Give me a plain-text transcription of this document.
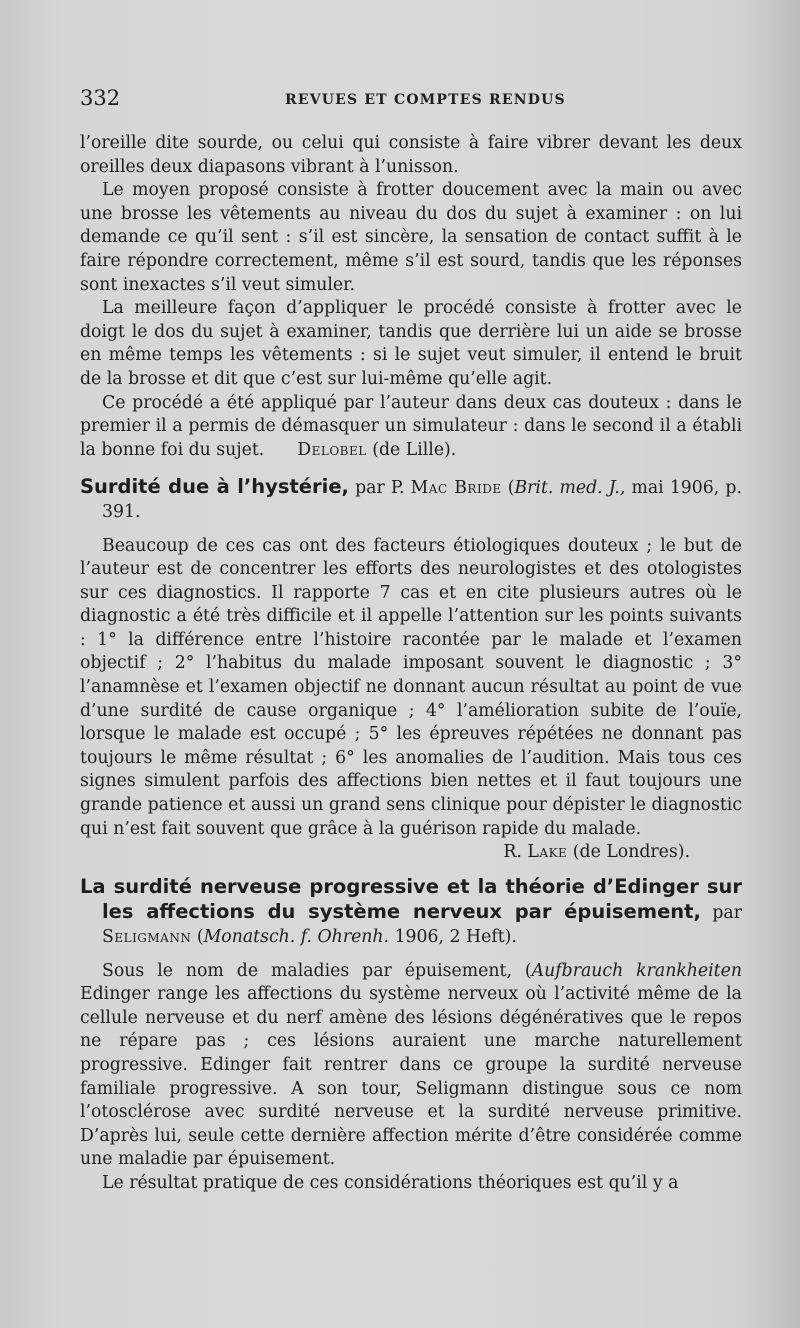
332	REVUES ET COMPTES RENDUS

l’oreille dite sourde, ou celui qui consiste à faire vibrer devant les deux oreilles deux diapasons vibrant à l’unisson.

Le moyen proposé consiste à frotter doucement avec la main ou avec une brosse les vêtements au niveau du dos du sujet à examiner : on lui demande ce qu’il sent : s’il est sincère, la sensation de contact suffit à le faire répondre correctement, même s’il est sourd, tandis que les réponses sont inexactes s’il veut simuler.

La meilleure façon d’appliquer le procédé consiste à frotter avec le doigt le dos du sujet à examiner, tandis que derrière lui un aide se brosse en même temps les vêtements : si le sujet veut simuler, il entend le bruit de la brosse et dit que c’est sur lui-même qu’elle agit.

Ce procédé a été appliqué par l’auteur dans deux cas douteux : dans le premier il a permis de démasquer un simulateur : dans le second il a établi la bonne foi du sujet. Delobel (de Lille).

Surdité due à l’hystérie, par P. Mac Bride (Brit. med. J., mai 1906, p. 391.

Beaucoup de ces cas ont des facteurs étiologiques douteux ; le but de l’auteur est de concentrer les efforts des neurologistes et des otologistes sur ces diagnostics. Il rapporte 7 cas et en cite plusieurs autres où le diagnostic a été très difficile et il appelle l’attention sur les points suivants : 1° la différence entre l’histoire racontée par le malade et l’examen objectif ; 2° l’habitus du malade imposant souvent le diagnostic ; 3° l’anamnèse et l’examen objectif ne donnant aucun résultat au point de vue d’une surdité de cause organique ; 4° l’amélioration subite de l’ouïe, lorsque le malade est occupé ; 5° les épreuves répétées ne donnant pas toujours le même résultat ; 6° les anomalies de l’audition. Mais tous ces signes simulent parfois des affections bien nettes et il faut toujours une grande patience et aussi un grand sens clinique pour dépister le diagnostic qui n’est fait souvent que grâce à la guérison rapide du malade.

R. Lake (de Londres).

La surdité nerveuse progressive et la théorie d’Edinger sur les affections du système nerveux par épuisement, par Seligmann (Monatsch. f. Ohrenh. 1906, 2 Heft).

Sous le nom de maladies par épuisement, (Aufbrauch krankheiten Edinger range les affections du système nerveux où l’activité même de la cellule nerveuse et du nerf amène des lésions dégénératives que le repos ne répare pas ; ces lésions auraient une marche naturellement progressive. Edinger fait rentrer dans ce groupe la surdité nerveuse familiale progressive. A son tour, Seligmann distingue sous ce nom l’otosclérose avec surdité nerveuse et la surdité nerveuse primitive. D’après lui, seule cette dernière affection mérite d’être considérée comme une maladie par épuisement.

Le résultat pratique de ces considérations théoriques est qu’il y a
